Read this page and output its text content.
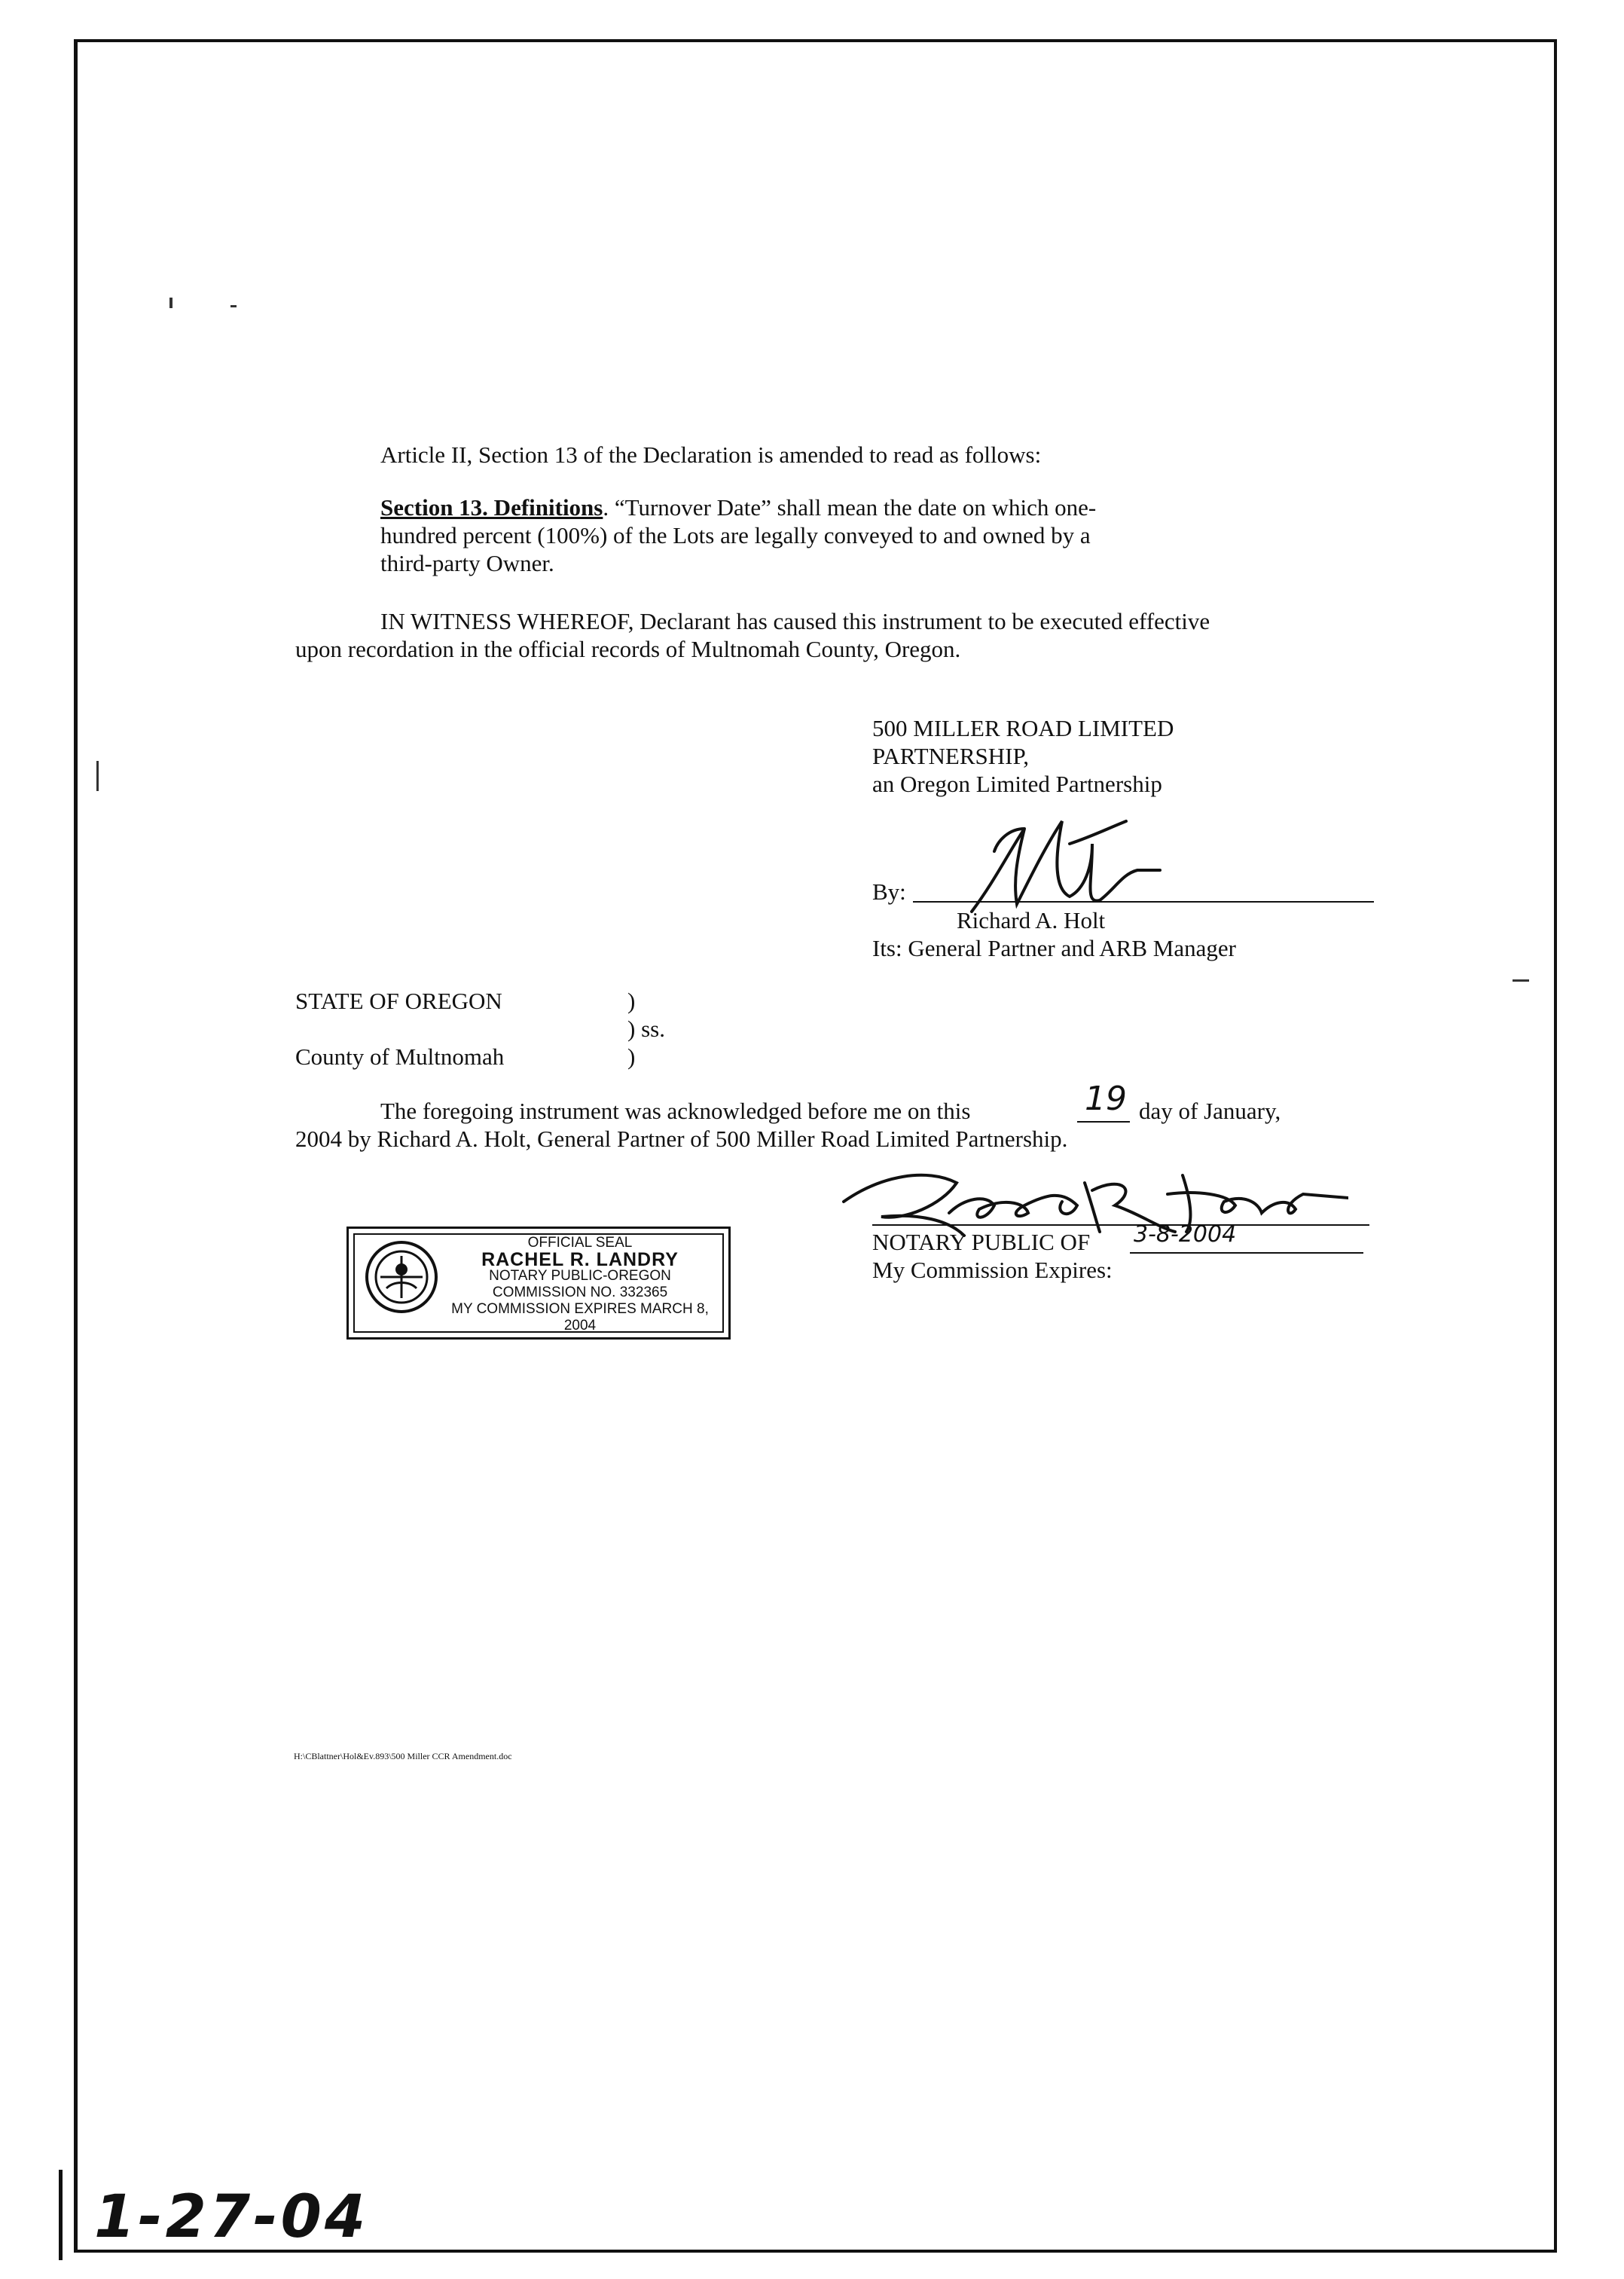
Article II, Section 13 of the Declaration is amended to read as follows:
Section 13. Definitions. “Turnover Date” shall mean the date on which one-
hundred percent (100%) of the Lots are legally conveyed to and owned by a
third-party Owner.
IN WITNESS WHEREOF, Declarant has caused this instrument to be executed effective
upon recordation in the official records of Multnomah County, Oregon.
500 MILLER ROAD LIMITED
PARTNERSHIP,
an Oregon Limited Partnership
By:
Richard A. Holt
Its: General Partner and ARB Manager
STATE OF OREGON	)
) ss.
County of Multnomah	)
The foregoing instrument was acknowledged before me on this	19 day of January,
2004 by Richard A. Holt, General Partner of 500 Miller Road Limited Partnership.
NOTARY PUBLIC OF 3-8-2004
My Commission Expires:
OFFICIAL SEAL
RACHEL R. LANDRY
NOTARY PUBLIC-OREGON
COMMISSION NO. 332365
MY COMMISSION EXPIRES MARCH 8, 2004
H:\CBlattner\Hol&Ev.893\500 Miller CCR Amendment.doc
1-27-04
